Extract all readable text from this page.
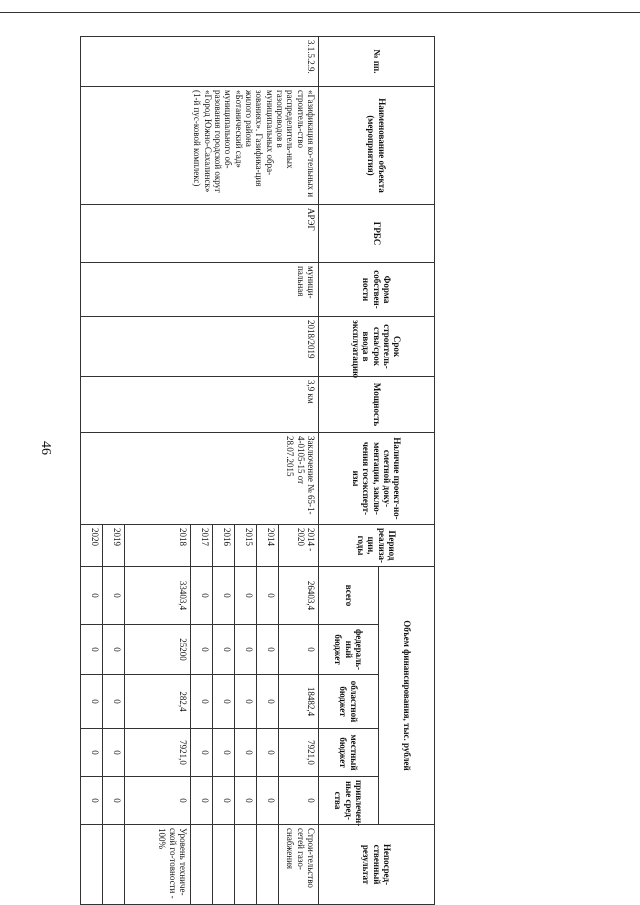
46
№ пп.	Наименование объекта (мероприятия)	ГРБС	Форма собствен-ности	Срок строитель-ства/срок ввода в эксплуатацию	Мощность	Наличие проект-но-сметной доку-ментации, заклю-чения госэксперт-изы	Период реализа-ции, годы	Объем финансирования, тыс. рублей					Непосред-ственный результат
								всего	федераль-ный бюджет	областной бюджет	местный бюджет	привлечен-ные сред-ства	
3.1.5.2.9.	«Газификация ко-тельных и строитель-ство распределитель-ных газопроводов в муниципальных обра-зованиях». Газифика-ция жилого района «Ботанический сад» муниципального об-разования городской округ «Город Южно-Сахалинск» (1-й пус-ковой комплекс)	АРЭГ	муници-пальная	2018/2019	3,9 км	Заключение № 65-1-4-0105-15 от 28.07.2015	2014 - 2020	26403,4	0	18482,4	7921,0	0	Строи-тельство сетей газо-снабжения
							2014	0	0	0	0	0	
							2015	0	0	0	0	0	
							2016	0	0	0	0	0	
							2017	0	0	0	0	0	
							2018	33403,4	25200	282,4	7921,0	0	Уровень техниче-ской го-товности - 100%
							2019	0	0	0	0	0	
							2020	0	0	0	0	0	
